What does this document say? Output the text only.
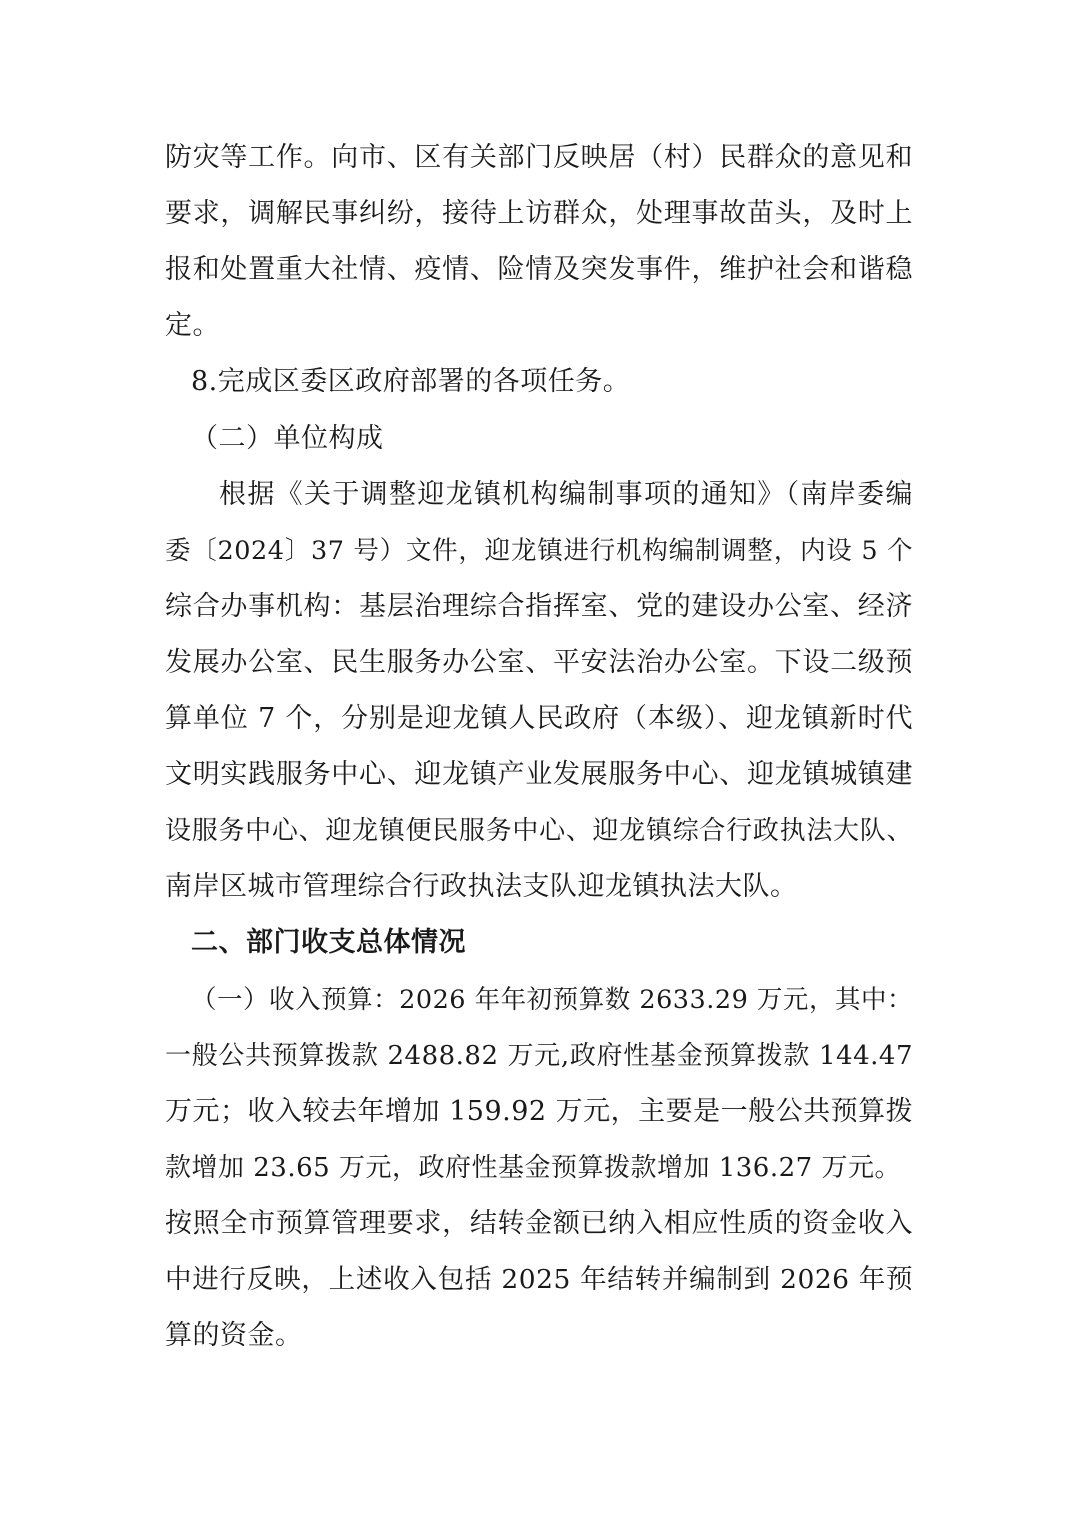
防灾等工作。向市、区有关部门反映居（村）民群众的意见和
要求，调解民事纠纷，接待上访群众，处理事故苗头，及时上
报和处置重大社情、疫情、险情及突发事件，维护社会和谐稳
定。
8.完成区委区政府部署的各项任务。
（二）单位构成
根据《关于调整迎龙镇机构编制事项的通知》（南岸委编
委〔2024〕37 号）文件，迎龙镇进行机构编制调整，内设 5 个
综合办事机构：基层治理综合指挥室、党的建设办公室、经济
发展办公室、民生服务办公室、平安法治办公室。下设二级预
算单位 7 个，分别是迎龙镇人民政府（本级）、迎龙镇新时代
文明实践服务中心、迎龙镇产业发展服务中心、迎龙镇城镇建
设服务中心、迎龙镇便民服务中心、迎龙镇综合行政执法大队、
南岸区城市管理综合行政执法支队迎龙镇执法大队。
二、部门收支总体情况
（一）收入预算：2026 年年初预算数 2633.29 万元，其中：
一般公共预算拨款 2488.82 万元,政府性基金预算拨款 144.47
万元；收入较去年增加 159.92 万元，主要是一般公共预算拨
款增加 23.65 万元，政府性基金预算拨款增加 136.27 万元。
按照全市预算管理要求，结转金额已纳入相应性质的资金收入
中进行反映，上述收入包括 2025 年结转并编制到 2026 年预
算的资金。
